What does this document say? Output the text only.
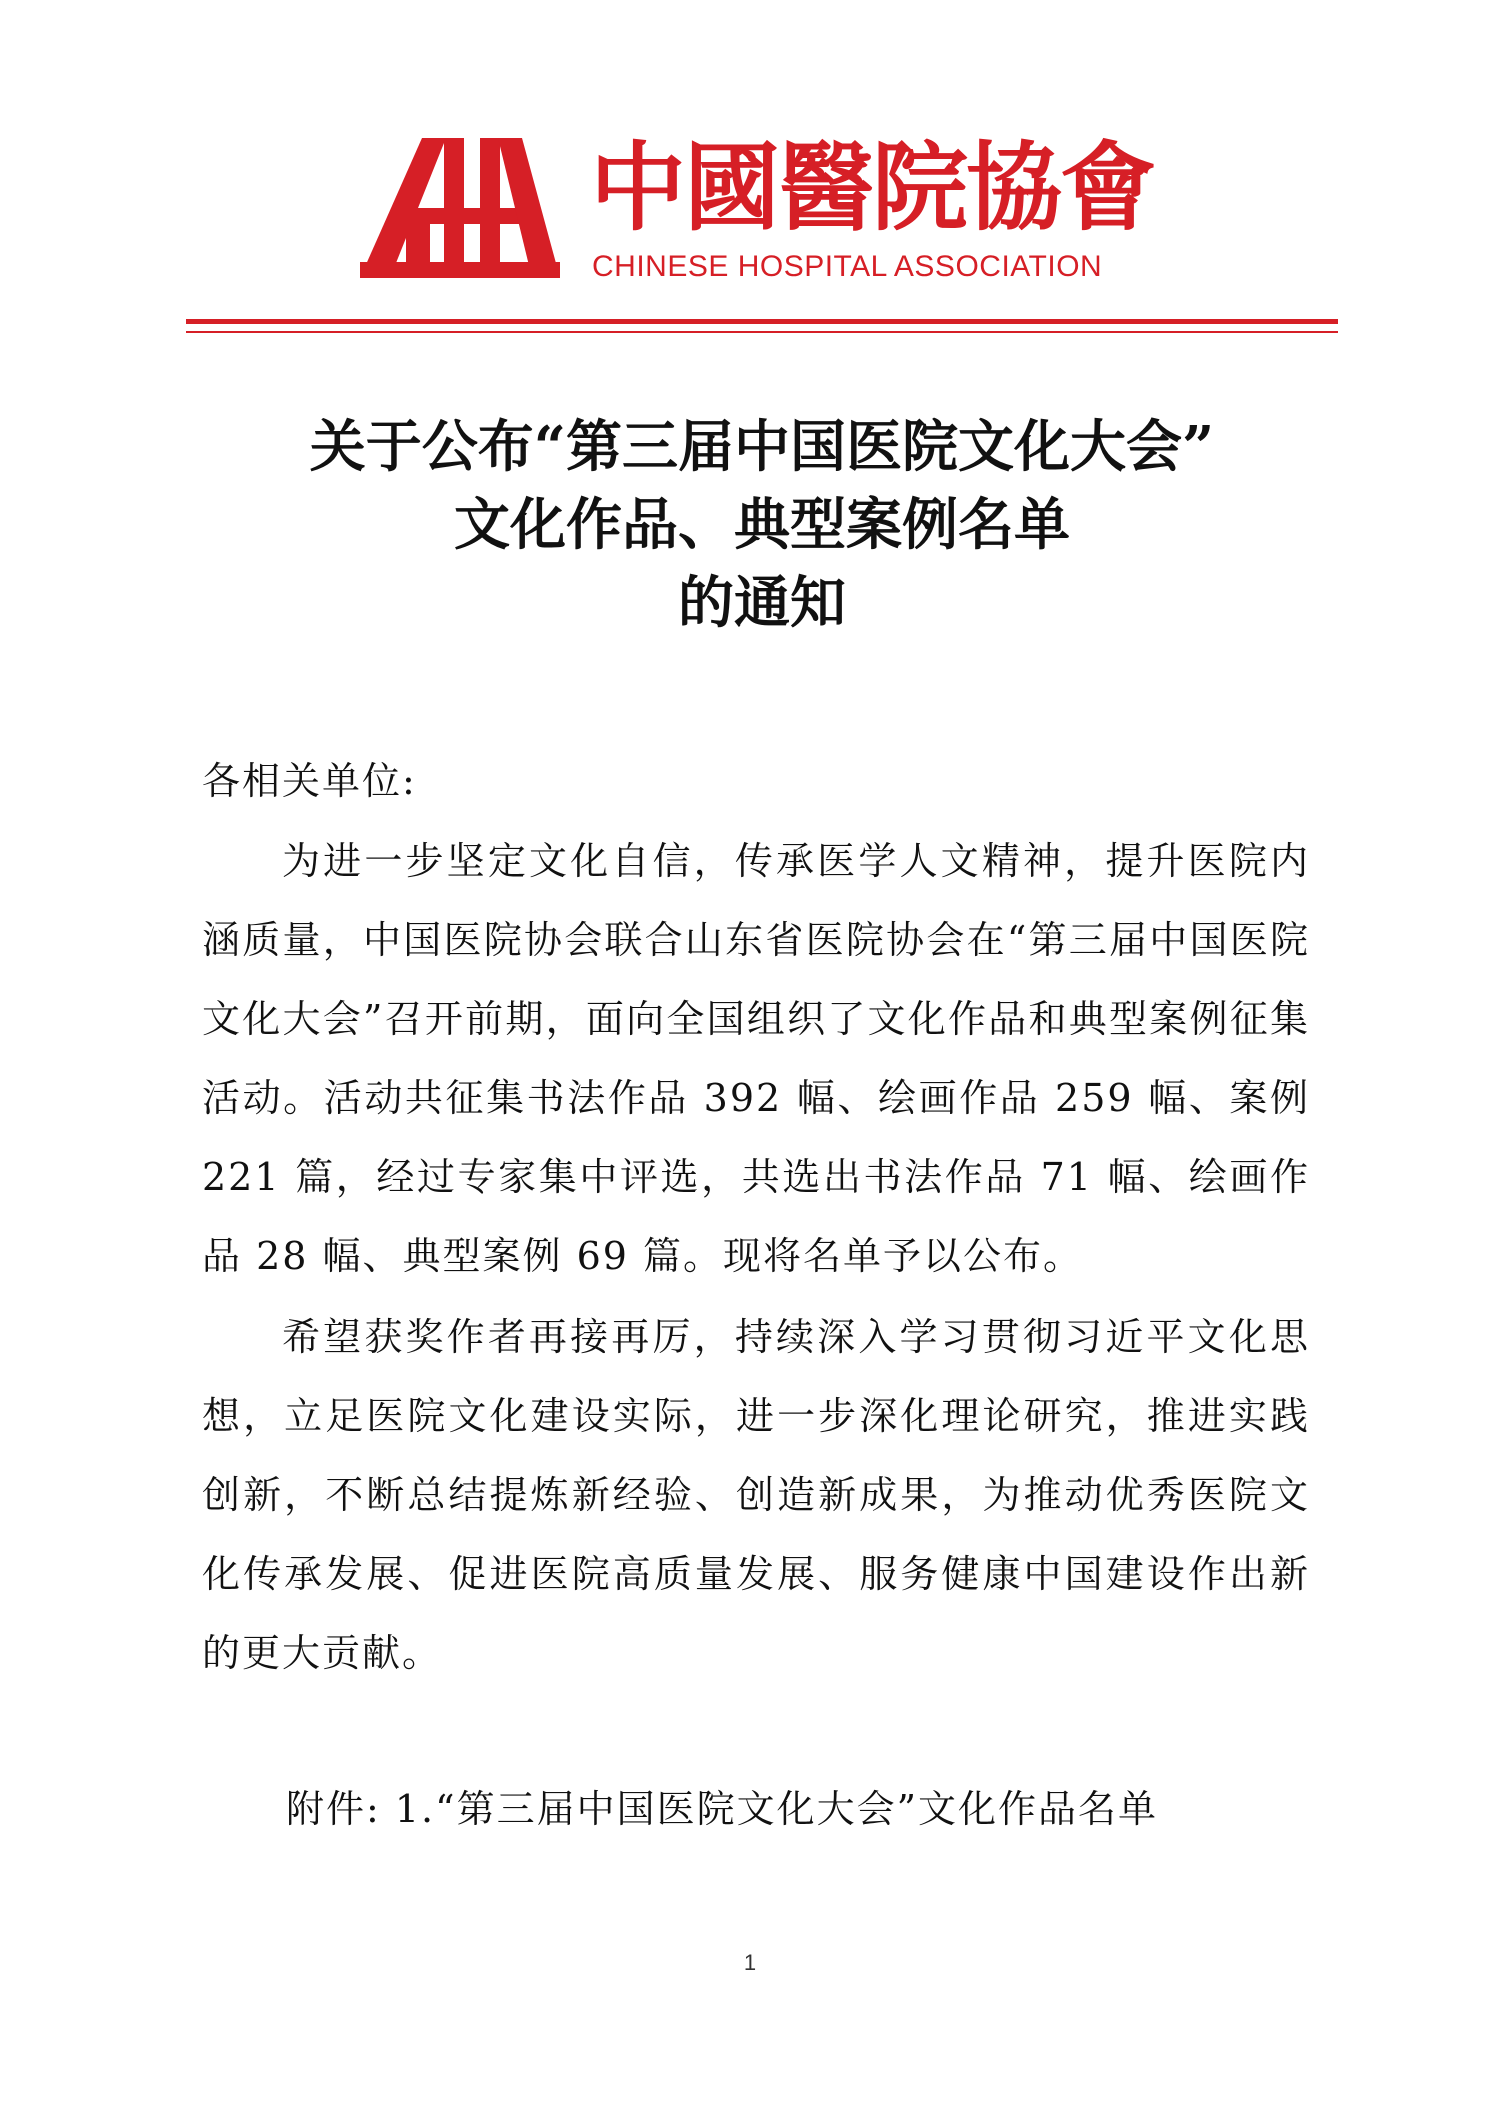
中國醫院協會
CHINESE HOSPITAL ASSOCIATION
关于公布“第三届中国医院文化大会”
文化作品、典型案例名单
的通知
各相关单位:
为进一步坚定文化自信，传承医学人文精神，提升医院内涵质量，中国医院协会联合山东省医院协会在“第三届中国医院文化大会”召开前期，面向全国组织了文化作品和典型案例征集活动。活动共征集书法作品 392 幅、绘画作品 259 幅、案例 221 篇，经过专家集中评选，共选出书法作品 71 幅、绘画作品 28 幅、典型案例 69 篇。现将名单予以公布。
希望获奖作者再接再厉，持续深入学习贯彻习近平文化思想，立足医院文化建设实际，进一步深化理论研究，推进实践创新，不断总结提炼新经验、创造新成果，为推动优秀医院文化传承发展、促进医院高质量发展、服务健康中国建设作出新的更大贡献。
附件: 1.“第三届中国医院文化大会”文化作品名单
1
